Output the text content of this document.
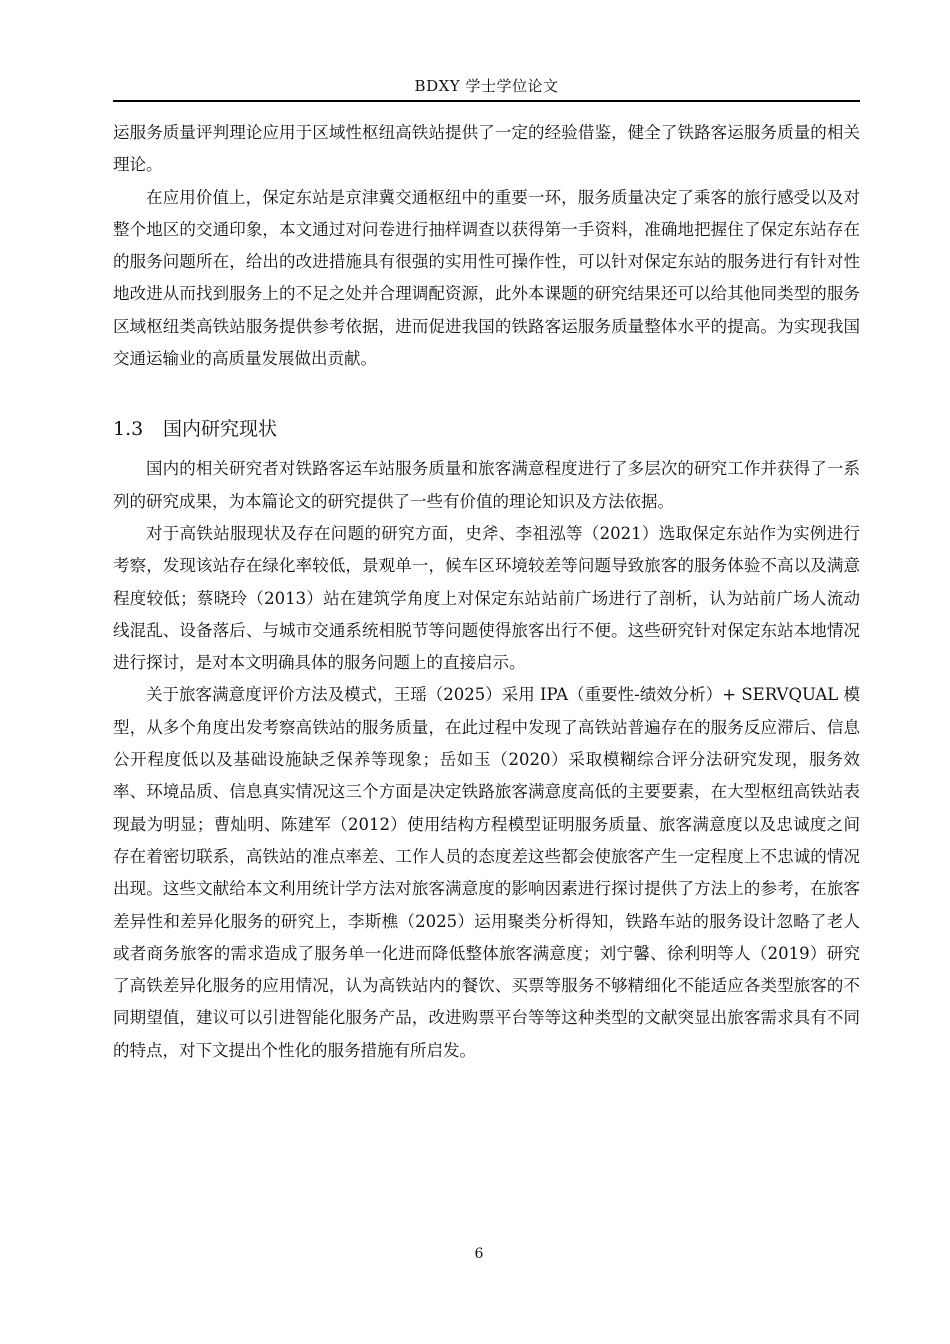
BDXY 学士学位论文

运服务质量评判理论应用于区域性枢纽高铁站提供了一定的经验借鉴，健全了铁路客运服务质量的相关理论。

在应用价值上，保定东站是京津冀交通枢纽中的重要一环，服务质量决定了乘客的旅行感受以及对整个地区的交通印象，本文通过对问卷进行抽样调查以获得第一手资料，准确地把握住了保定东站存在的服务问题所在，给出的改进措施具有很强的实用性可操作性，可以针对保定东站的服务进行有针对性地改进从而找到服务上的不足之处并合理调配资源，此外本课题的研究结果还可以给其他同类型的服务区域枢纽类高铁站服务提供参考依据，进而促进我国的铁路客运服务质量整体水平的提高。为实现我国交通运输业的高质量发展做出贡献。

1.3 国内研究现状

国内的相关研究者对铁路客运车站服务质量和旅客满意程度进行了多层次的研究工作并获得了一系列的研究成果，为本篇论文的研究提供了一些有价值的理论知识及方法依据。

对于高铁站服现状及存在问题的研究方面，史斧、李祖泓等（2021）选取保定东站作为实例进行考察，发现该站存在绿化率较低，景观单一，候车区环境较差等问题导致旅客的服务体验不高以及满意程度较低；蔡晓玲（2013）站在建筑学角度上对保定东站站前广场进行了剖析，认为站前广场人流动线混乱、设备落后、与城市交通系统相脱节等问题使得旅客出行不便。这些研究针对保定东站本地情况进行探讨，是对本文明确具体的服务问题上的直接启示。

关于旅客满意度评价方法及模式，王瑶（2025）采用 IPA（重要性-绩效分析）+ SERVQUAL 模型，从多个角度出发考察高铁站的服务质量，在此过程中发现了高铁站普遍存在的服务反应滞后、信息公开程度低以及基础设施缺乏保养等现象；岳如玉（2020）采取模糊综合评分法研究发现，服务效率、环境品质、信息真实情况这三个方面是决定铁路旅客满意度高低的主要要素，在大型枢纽高铁站表现最为明显；曹灿明、陈建军（2012）使用结构方程模型证明服务质量、旅客满意度以及忠诚度之间存在着密切联系，高铁站的准点率差、工作人员的态度差这些都会使旅客产生一定程度上不忠诚的情况出现。这些文献给本文利用统计学方法对旅客满意度的影响因素进行探讨提供了方法上的参考，在旅客差异性和差异化服务的研究上，李斯樵（2025）运用聚类分析得知，铁路车站的服务设计忽略了老人或者商务旅客的需求造成了服务单一化进而降低整体旅客满意度；刘宁馨、徐利明等人（2019）研究了高铁差异化服务的应用情况，认为高铁站内的餐饮、买票等服务不够精细化不能适应各类型旅客的不同期望值，建议可以引进智能化服务产品，改进购票平台等等这种类型的文献突显出旅客需求具有不同的特点，对下文提出个性化的服务措施有所启发。

6
